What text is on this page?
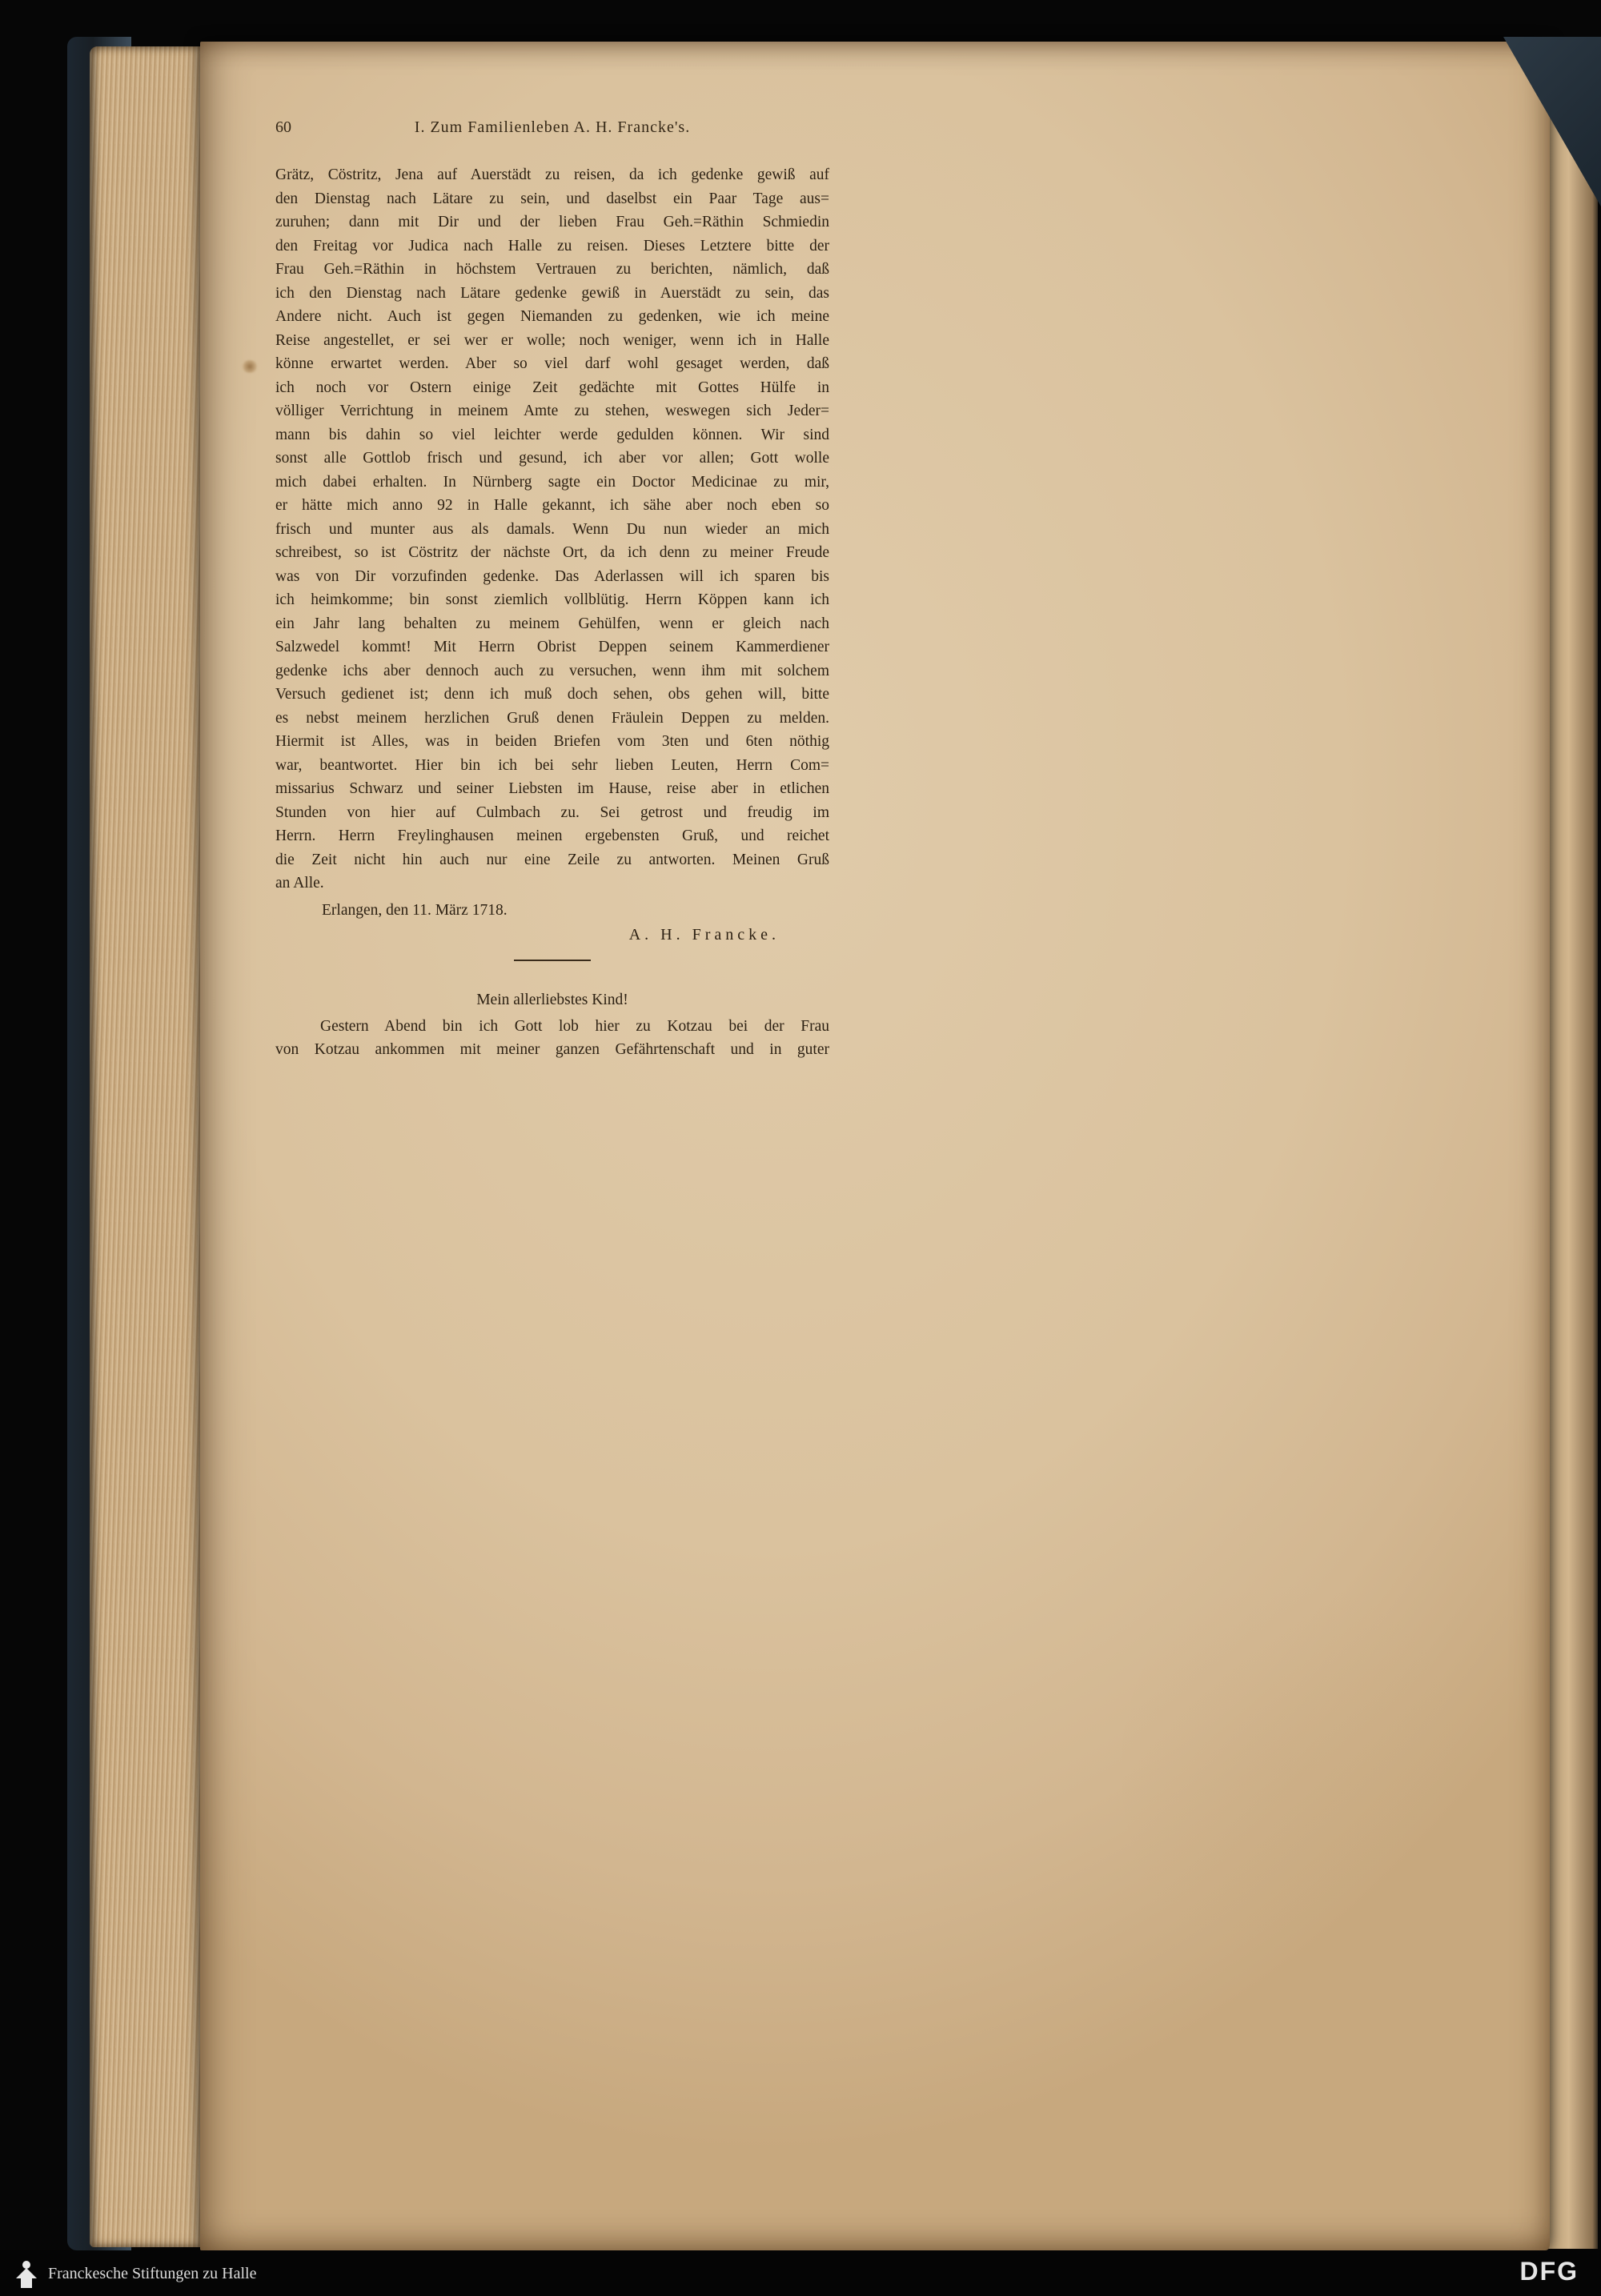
60	I. Zum Familienleben A. H. Francke's.
Grätz, Cöstritz, Jena auf Auerstädt zu reisen, da ich gedenke gewiß auf
den Dienstag nach Lätare zu sein, und daselbst ein Paar Tage aus=
zuruhen; dann mit Dir und der lieben Frau Geh.=Räthin Schmiedin
den Freitag vor Judica nach Halle zu reisen. Dieses Letztere bitte der
Frau Geh.=Räthin in höchstem Vertrauen zu berichten, nämlich, daß
ich den Dienstag nach Lätare gedenke gewiß in Auerstädt zu sein, das
Andere nicht. Auch ist gegen Niemanden zu gedenken, wie ich meine
Reise angestellet, er sei wer er wolle; noch weniger, wenn ich in Halle
könne erwartet werden. Aber so viel darf wohl gesaget werden, daß
ich noch vor Ostern einige Zeit gedächte mit Gottes Hülfe in
völliger Verrichtung in meinem Amte zu stehen, weswegen sich Jeder=
mann bis dahin so viel leichter werde gedulden können. Wir sind
sonst alle Gottlob frisch und gesund, ich aber vor allen; Gott wolle
mich dabei erhalten. In Nürnberg sagte ein Doctor Medicinae zu mir,
er hätte mich anno 92 in Halle gekannt, ich sähe aber noch eben so
frisch und munter aus als damals. Wenn Du nun wieder an mich
schreibest, so ist Cöstritz der nächste Ort, da ich denn zu meiner Freude
was von Dir vorzufinden gedenke. Das Aderlassen will ich sparen bis
ich heimkomme; bin sonst ziemlich vollblütig. Herrn Köppen kann ich
ein Jahr lang behalten zu meinem Gehülfen, wenn er gleich nach
Salzwedel kommt! Mit Herrn Obrist Deppen seinem Kammerdiener
gedenke ichs aber dennoch auch zu versuchen, wenn ihm mit solchem
Versuch gedienet ist; denn ich muß doch sehen, obs gehen will, bitte
es nebst meinem herzlichen Gruß denen Fräulein Deppen zu melden.
Hiermit ist Alles, was in beiden Briefen vom 3ten und 6ten nöthig
war, beantwortet. Hier bin ich bei sehr lieben Leuten, Herrn Com=
missarius Schwarz und seiner Liebsten im Hause, reise aber in etlichen
Stunden von hier auf Culmbach zu. Sei getrost und freudig im
Herrn. Herrn Freylinghausen meinen ergebensten Gruß, und reichet
die Zeit nicht hin auch nur eine Zeile zu antworten. Meinen Gruß
an Alle.
Erlangen, den 11. März 1718.
A. H. Francke.
Mein allerliebstes Kind!
Gestern Abend bin ich Gott lob hier zu Kotzau bei der Frau
von Kotzau ankommen mit meiner ganzen Gefährtenschaft und in guter
Franckesche Stiftungen zu Halle	DFG
